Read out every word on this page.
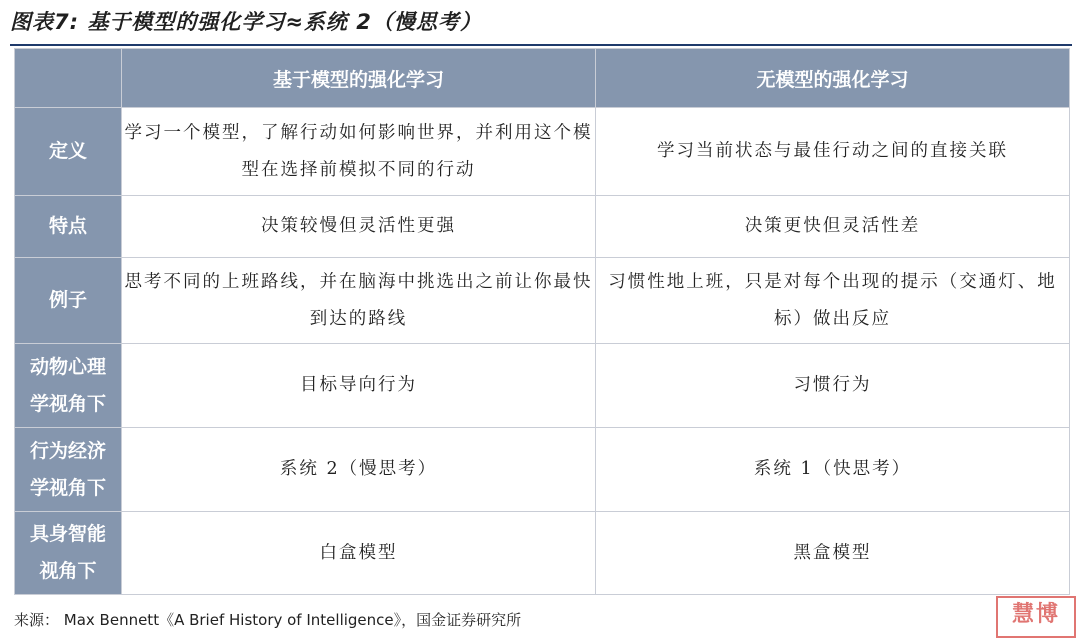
图表7: 基于模型的强化学习≈系统 2（慢思考）
	基于模型的强化学习	无模型的强化学习
定义	学习一个模型，了解行动如何影响世界，并利用这个模型在选择前模拟不同的行动	学习当前状态与最佳行动之间的直接关联
特点	决策较慢但灵活性更强	决策更快但灵活性差
例子	思考不同的上班路线，并在脑海中挑选出之前让你最快到达的路线	习惯性地上班，只是对每个出现的提示（交通灯、地标）做出反应
动物心理学视角下	目标导向行为	习惯行为
行为经济学视角下	系统 2（慢思考）	系统 1（快思考）
具身智能视角下	白盒模型	黑盒模型
来源： Max Bennett《A Brief History of Intelligence》，国金证券研究所	慧博
